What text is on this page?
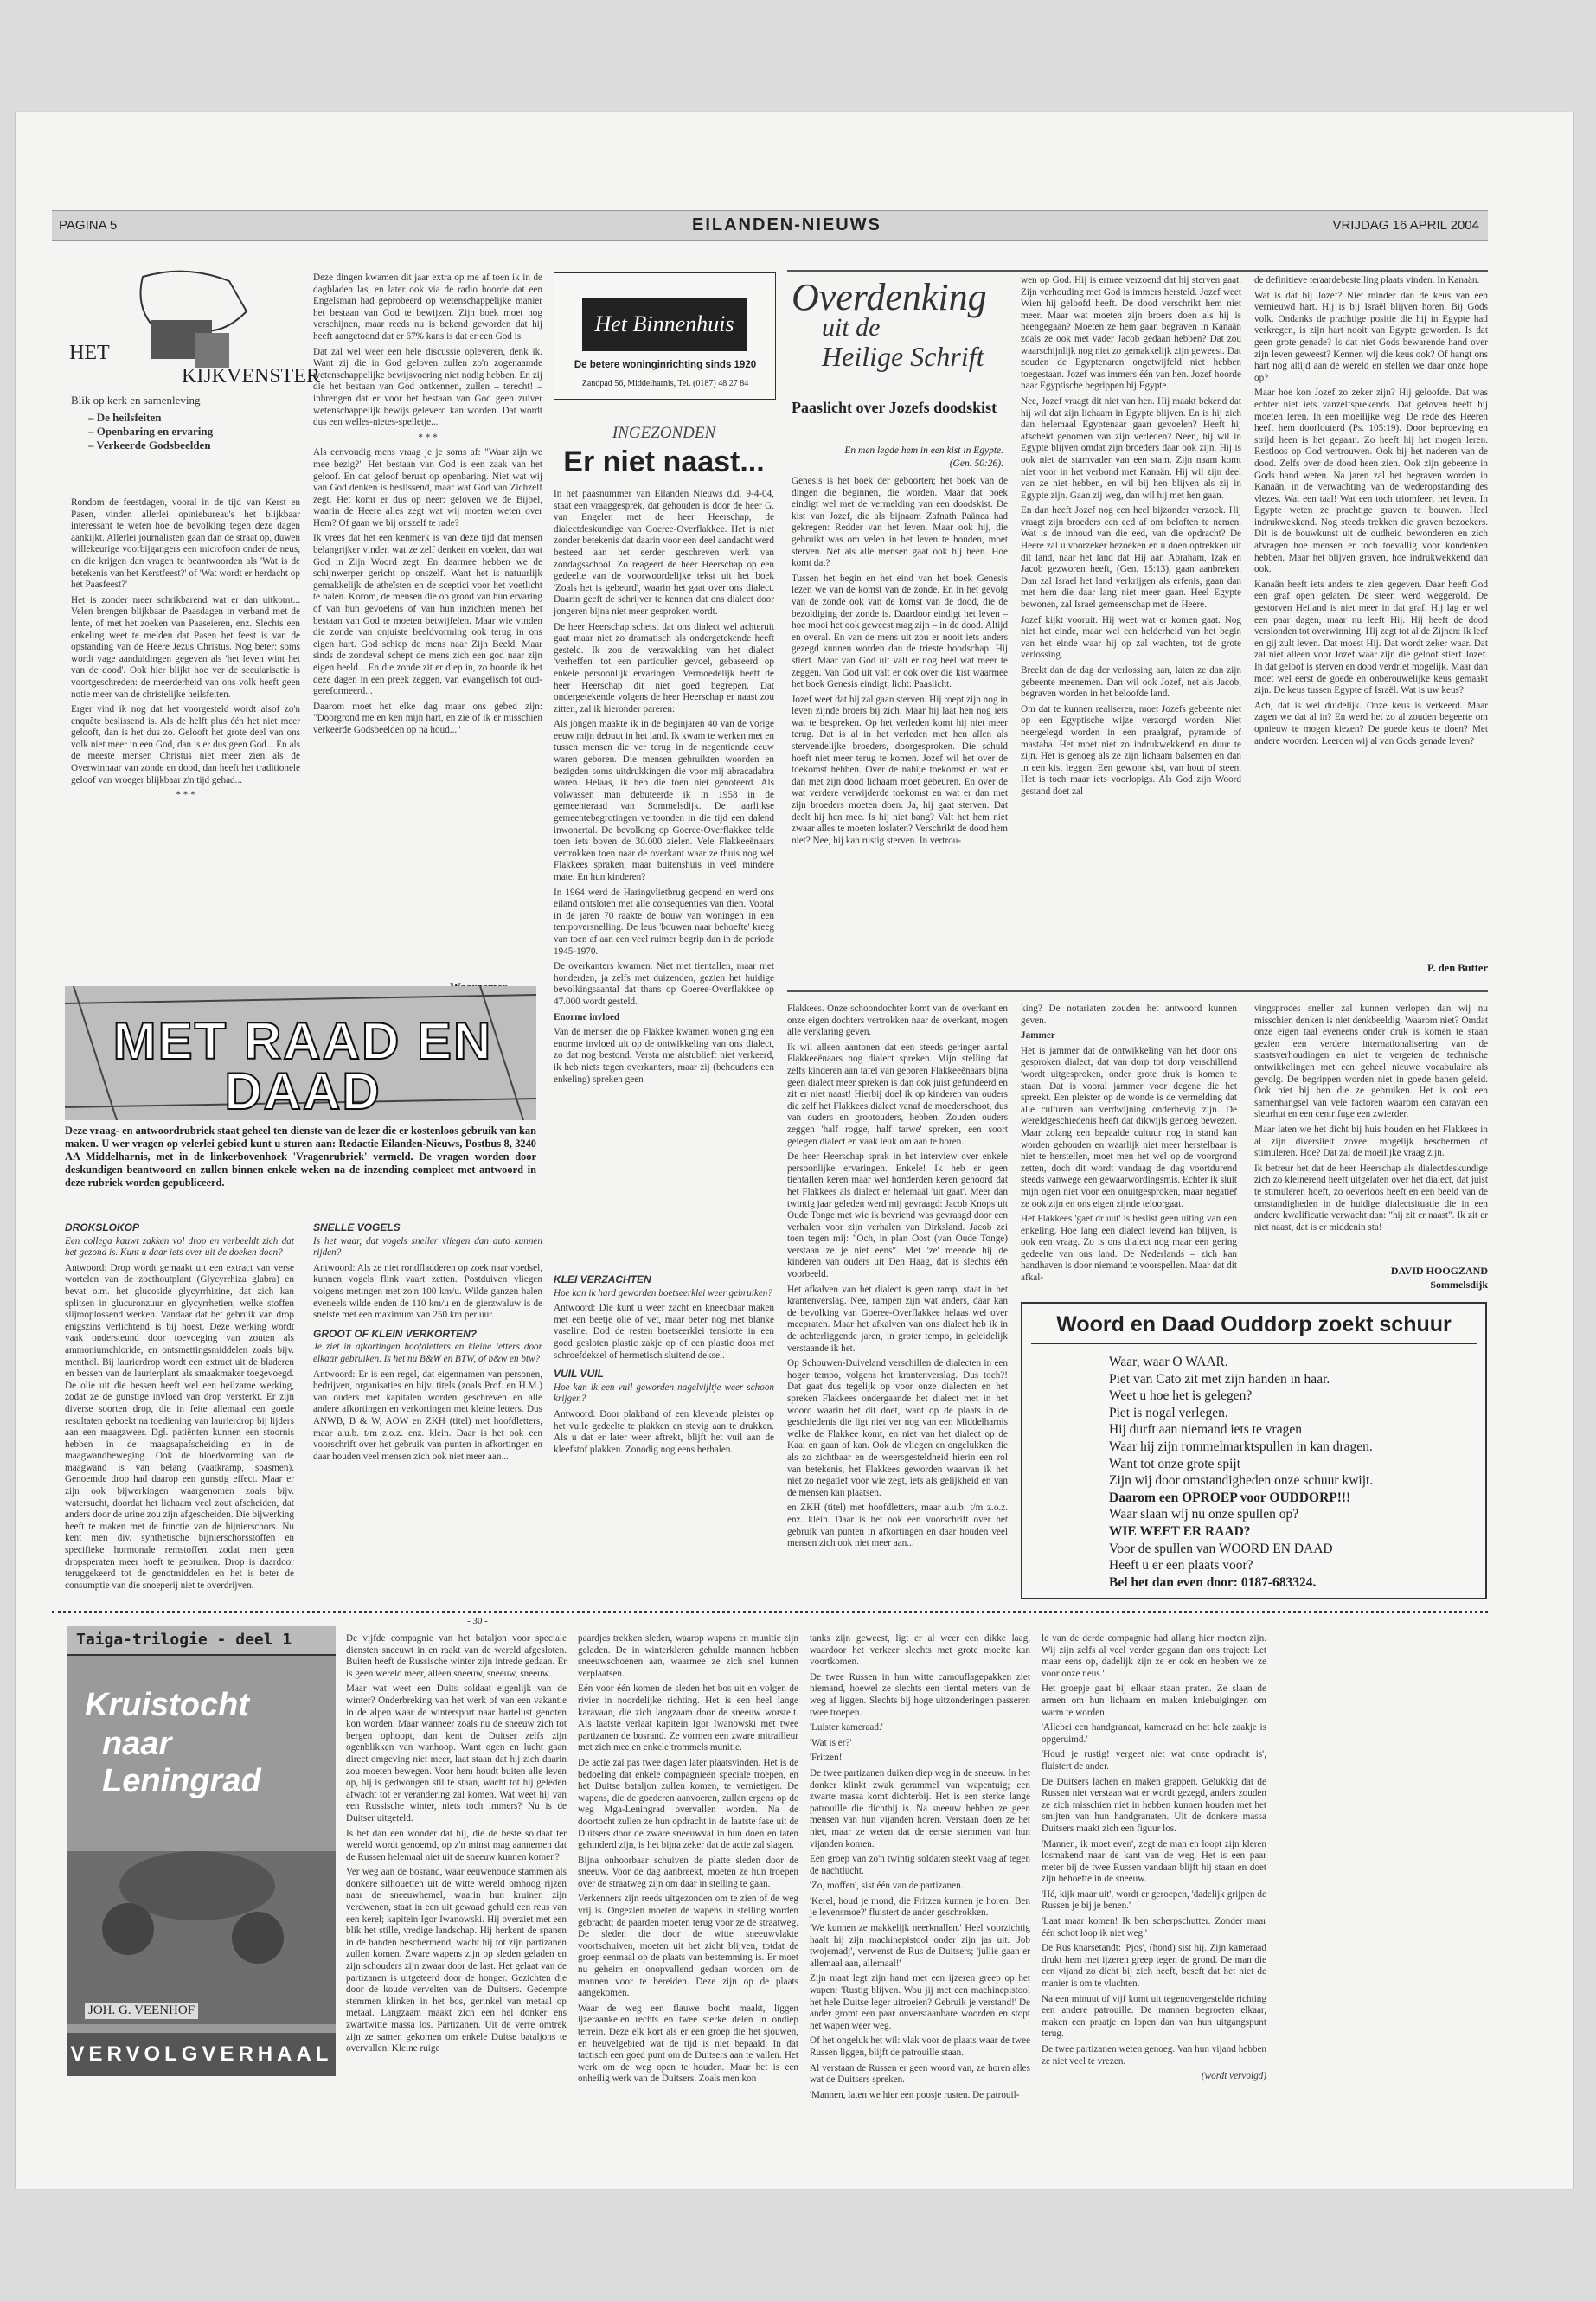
PAGINA 5	EILANDEN-NIEUWS	VRIJDAG 16 APRIL 2004
HET
KIJKVENSTER
Blik op kerk en samenleving
– De heilsfeiten
– Openbaring en ervaring
– Verkeerde Godsbeelden

Rondom de feestdagen, vooral in de tijd van Kerst en Pasen, vinden allerlei opiniebureau's het blijkbaar interessant te weten hoe de bevolking tegen deze dagen aankijkt. Allerlei journalisten gaan dan de straat op, duwen willekeurige voorbijgangers een microfoon onder de neus, en die krijgen dan vragen te beantwoorden als 'Wat is de betekenis van het Kerstfeest?' of 'Wat wordt er herdacht op het Paasfeest?'

Het is zonder meer schrikbarend wat er dan uitkomt... Velen brengen blijkbaar de Paasdagen in verband met de lente, of met het zoeken van Paaseieren, enz. Slechts een enkeling weet te melden dat Pasen het feest is van de opstanding van de Heere Jezus Christus. Nog beter: soms wordt vage aanduidingen gegeven als 'het leven wint het van de dood'. Ook hier blijkt hoe ver de secularisatie is voortgeschreden: de meerderheid van ons volk heeft geen notie meer van de christelijke heilsfeiten.

Erger vind ik nog dat het voorgesteld wordt alsof zo'n enquête beslissend is. Als de helft plus één het niet meer gelooft, dan is het dus zo. Gelooft het grote deel van ons volk niet meer in een God, dan is er dus geen God... En als de meeste mensen Christus niet meer zien als de Overwinnaar van zonde en dood, dan heeft het traditionele geloof van vroeger blijkbaar z'n tijd gehad...

* * *

Deze dingen kwamen dit jaar extra op me af toen ik in de dagbladen las, en later ook via de radio hoorde dat een Engelsman had geprobeerd op wetenschappelijke manier het bestaan van God te bewijzen. Zijn boek moet nog verschijnen, maar reeds nu is bekend geworden dat hij heeft aangetoond dat er 67% kans is dat er een God is.

Dat zal wel weer een hele discussie opleveren, denk ik. Want zij die in God geloven zullen zo'n zogenaamde wetenschappelijke bewijsvoering niet nodig hebben. En zij die het bestaan van God ontkennen, zullen – terecht! – inbrengen dat er voor het bestaan van God geen zuiver wetenschappelijk bewijs geleverd kan worden. Dat wordt dus een welles-nietes-spelletje...

* * *

Als eenvoudig mens vraag je je soms af: "Waar zijn we mee bezig?" Het bestaan van God is een zaak van het geloof. En dat geloof berust op openbaring. Niet wat wij van God denken is beslissend, maar wat God van Zichzelf zegt. Het komt er dus op neer: geloven we de Bijbel, waarin de Heere alles zegt wat wij moeten weten over Hem? Of gaan we bij onszelf te rade?

Ik vrees dat het een kenmerk is van deze tijd dat mensen belangrijker vinden wat ze zelf denken en voelen, dan wat God in Zijn Woord zegt. En daarmee hebben we de schijnwerper gericht op onszelf. Want het is natuurlijk gemakkelijk de atheïsten en de sceptici voor het voetlicht te halen. Korom, de mensen die op grond van hun ervaring of van hun gevoelens of van hun inzichten menen het bestaan van God te moeten betwijfelen. Maar wie vinden die zonde van onjuiste beeldvorming ook terug in ons eigen hart. God schiep de mens naar Zijn Beeld. Maar sinds de zondeval schept de mens zich een god naar zijn eigen beeld... En die zonde zit er diep in, zo hoorde ik het deze dagen in een preek zeggen, van evangelisch tot oud-gereformeerd...

Daarom moet het elke dag maar ons gebed zijn: "Doorgrond me en ken mijn hart, en zie of ik er misschien verkeerde Godsbeelden op na houd..."

Het Binnenhuis
De betere woninginrichting sinds 1920
Zandpad 56, Middelharnis, Tel. (0187) 48 27 84
INGEZONDEN
Er niet naast...

In het paasnummer van Eilanden Nieuws d.d. 9-4-04, staat een vraaggesprek, dat gehouden is door de heer G. van Engelen met de heer Heerschap, de dialectdeskundige van Goeree-Overflakkee. Het is niet zonder betekenis dat daarin voor een deel aandacht werd besteed aan het eerder geschreven werk van zondagsschool. Zo reageert de heer Heerschap op een gedeelte van de voorwoordelijke tekst uit het boek 'Zoals het is gebeurd', waarin het gaat over ons dialect. Daarin geeft de schrijver te kennen dat ons dialect door jongeren bijna niet meer gesproken wordt.

De heer Heerschap schetst dat ons dialect wel achteruit gaat maar niet zo dramatisch als ondergetekende heeft gesteld. Ik zou de verzwakking van het dialect 'verheffen' tot een particulier gevoel, gebaseerd op enkele persoonlijk ervaringen. Vermoedelijk heeft de heer Heerschap dit niet goed begrepen. Dat ondergetekende volgens de heer Heerschap er naast zou zitten, zal ik hieronder pareren:

Als jongen maakte ik in de beginjaren 40 van de vorige eeuw mijn debuut in het land. Ik kwam te werken met en tussen mensen die ver terug in de negentiende eeuw waren geboren. Die mensen gebruikten woorden en bezigden soms uitdrukkingen die voor mij abracadabra waren. Helaas, ik heb die toen niet genoteerd. Als volwassen man debuteerde ik in 1958 in de gemeenteraad van Sommelsdijk. De jaarlijkse gemeentebegrotingen vertoonden in die tijd een dalend inwonertal. De bevolking op Goeree-Overflakkee telde toen iets boven de 30.000 zielen. Vele Flakkeeënaars vertrokken toen naar de overkant waar ze thuis nog wel Flakkees spraken, maar buitenshuis in veel mindere mate. En hun kinderen?

In 1964 werd de Haringvlietbrug geopend en werd ons eiland ontsloten met alle consequenties van dien. Vooral in de jaren 70 raakte de bouw van woningen in een tempoversnelling. De leus 'bouwen naar behoefte' kreeg van toen af aan een veel ruimer begrip dan in de periode 1945-1970.

De overkanters kwamen. Niet met tientallen, maar met honderden, ja zelfs met duizenden, gezien het huidige bevolkingsaantal dat thans op Goeree-Overflakkee op 47.000 wordt gesteld.

Enorme invloed

Van de mensen die op Flakkee kwamen wonen ging een enorme invloed uit op de ontwikkeling van ons dialect, zo dat nog bestond. Versta me alstublieft niet verkeerd, ik heb niets tegen overkanters, maar zij (behoudens een enkeling) spreken geen

Flakkees. Onze schoondochter komt van de overkant en onze eigen dochters vertrokken naar de overkant, mogen alle verklaring geven.

Ik wil alleen aantonen dat een steeds geringer aantal Flakkeeënaars nog dialect spreken. Mijn stelling dat zelfs kinderen aan tafel van geboren Flakkeeënaars bijna geen dialect meer spreken is dan ook juist gefundeerd en zit er niet naast! Hierbij doel ik op kinderen van ouders die zelf het Flakkees dialect vanaf de moederschoot, dus van ouders en grootouders, hebben. Zouden ouders zeggen 'half rogge, half tarwe' spreken, een soort gelegen dialect en vaak leuk om aan te horen.

De heer Heerschap sprak in het interview over enkele persoonlijke ervaringen. Enkele! Ik heb er geen tientallen keren maar wel honderden keren gehoord dat het Flakkees als dialect er helemaal 'uit gaat'. Meer dan twintig jaar geleden werd mij gevraagd: Jacob Knops uit Oude Tonge met wie ik bevriend was gevraagd door een verhalen voor zijn verhalen van Dirksland. Jacob zei toen tegen mij: "Och, in plan Oost (van Oude Tonge) verstaan ze je niet eens". Met 'ze' meende hij de kinderen van ouders uit Den Haag, dat is slechts één voorbeeld.

Het afkalven van het dialect is geen ramp, staat in het krantenverslag. Nee, rampen zijn wat anders, daar kan de bevolking van Goeree-Overflakkee helaas wel over meepraten. Maar het afkalven van ons dialect heb ik in de achterliggende jaren, in groter tempo, in geleidelijk verstaande ik het.

Op Schouwen-Duiveland verschillen de dialecten in een hoger tempo, volgens het krantenverslag. Dus toch?! Dat gaat dus tegelijk op voor onze dialecten en het spreken Flakkees ondergaande het dialect met in het woord waarin het dit doet, want op de plaats in de geschiedenis die ligt niet ver nog van een Middelharnis welke de Flakkee komt, en niet van het dialect op de Kaai en gaan of kan. Ook de vliegen en ongelukken die als zo zichtbaar en de weersgesteldheid hierin een rol van betekenis, het Flakkees geworden waarvan ik het niet zo negatief voor wie zegt, iets als gelijkheid en van de mensen kan plaatsen.

en ZKH (titel) met hoofdletters, maar a.u.b. t/m z.o.z. enz. klein. Daar is het ook een voorschrift over het gebruik van punten in afkortingen en daar houden veel mensen zich ook niet meer aan...

king? De notariaten zouden het antwoord kunnen geven.

Jammer

Het is jammer dat de ontwikkeling van het door ons gesproken dialect, dat van dorp tot dorp verschillend 'wordt uitgesproken, onder grote druk is komen te staan. Dat is vooral jammer voor degene die het spreekt. Een pleister op de wonde is de vermelding dat alle culturen aan verdwijning onderhevig zijn. De wereldgeschiedenis heeft dat dikwijls genoeg bewezen. Maar zolang een bepaalde cultuur nog in stand kan worden gehouden en waarlijk niet meer herstelbaar is niet te herstellen, moet men het wel op de voorgrond zetten, doch dit wordt vandaag de dag voortdurend steeds vanwege een gewaarwordingsmis. Echter ik sluit mijn ogen niet voor een onuitgesproken, maar negatief ze ook zijn en ons eigen zijnde teloorgaat.

Het Flakkees 'gaet dr uut' is beslist geen uiting van een enkeling. Hoe lang een dialect levend kan blijven, is ook een vraag. Zo is ons dialect nog maar een gering gedeelte van ons land. De Nederlands – zich kan handhaven is door niemand te voorspellen. Maar dat dit afkal-

vingsproces sneller zal kunnen verlopen dan wij nu misschien denken is niet denkbeeldig. Waarom niet? Omdat onze eigen taal eveneens onder druk is komen te staan gezien een verdere internationalisering van de staatsverhoudingen en niet te vergeten de technische ontwikkelingen met een geheel nieuwe vocabulaire als gevolg. De begrippen worden niet in goede banen geleid. Ook niet bij hen die ze gebruiken. Het is ook een samenhangsel van vele factoren waarom een caravan een sleurhut en een centrifuge een zwierder.

Maar laten we het dicht bij huis houden en het Flakkees in al zijn diversiteit zoveel mogelijk beschermen of stimuleren. Hoe? Dat zal de moeilijke vraag zijn.

Ik betreur het dat de heer Heerschap als dialectdeskundige zich zo kleinerend heeft uitgelaten over het dialect, dat juist te stimuleren hoeft, zo oeverloos heeft en een beeld van de omstandigheden in de huidige dialectsituatie die in een andere kwalificatie verwacht dan: "hij zit er naast". Ik zit er niet naast, dat is er middenin sta!

DAVID HOOGZAND
Sommelsdijk
Overdenking
uit de
Heilige Schrift
Paaslicht over Jozefs doodskist
En men legde hem in een kist in Egypte.
(Gen. 50:26).

Genesis is het boek der geboorten; het boek van de dingen die beginnen, die worden. Maar dat boek eindigt wel met de vermelding van een doodskist. De kist van Jozef, die als bijnaam Zafnath Paänea had gekregen: Redder van het leven. Maar ook hij, die gebruikt was om velen in het leven te houden, moet sterven. Net als alle mensen gaat ook hij heen. Hoe komt dat?

Tussen het begin en het eind van het boek Genesis lezen we van de komst van de zonde. En in het gevolg van de zonde ook van de komst van de dood, die de bezoldiging der zonde is. Daardoor eindigt het leven – hoe mooi het ook geweest mag zijn – in de dood. Altijd en overal. En van de mens uit zou er nooit iets anders gezegd kunnen worden dan de trieste boodschap: Hij stierf. Maar van God uit valt er nog heel wat meer te zeggen. Van God uit valt er ook over die kist waarmee het boek Genesis eindigt, licht: Paaslicht.

Jozef weet dat hij zal gaan sterven. Hij roept zijn nog in leven zijnde broers bij zich. Maar hij laat hen nog iets wat te bespreken. Op het verleden komt hij niet meer terug. Dat is al in het verleden met hen allen als stervendelijke broeders, doorgesproken. Die schuld hoeft niet meer terug te komen. Jozef wil het over de toekomst hebben. Over de nabije toekomst en wat er dan met zijn dood lichaam moet gebeuren. En over de wat verdere verwijderde toekomst en wat er dan met zijn broeders moeten doen. Ja, hij gaat sterven. Dat deelt hij hen mee. Is hij niet bang? Valt het hem niet zwaar alles te moeten loslaten? Verschrikt de dood hem niet? Nee, hij kan rustig sterven. In vertrou-

wen op God. Hij is ermee verzoend dat hij sterven gaat. Zijn verhouding met God is immers hersteld. Jozef weet Wien hij geloofd heeft. De dood verschrikt hem niet meer. Maar wat moeten zijn broers doen als hij is heengegaan? Moeten ze hem gaan begraven in Kanaän zoals ze ook met vader Jacob gedaan hebben? Dat zou waarschijnlijk nog niet zo gemakkelijk zijn geweest. Dat zouden de Egyptenaren ongetwijfeld niet hebben toegestaan. Jozef was immers één van hen. Jozef hoorde naar Egyptische begrippen bij Egypte.

Nee, Jozef vraagt dit niet van hen. Hij maakt bekend dat hij wil dat zijn lichaam in Egypte blijven. En is hij zich dan helemaal Egyptenaar gaan gevoelen? Heeft hij afscheid genomen van zijn verleden? Neen, hij wil in Egypte blijven omdat zijn broeders daar ook zijn. Hij is ook niet de stamvader van een stam. Zijn naam komt niet voor in het verbond met Kanaän. Hij wil zijn deel van ze niet hebben, en wil bij hen blijven als zij in Egypte zijn. Gaan zij weg, dan wil hij met hen gaan.

En dan heeft Jozef nog een heel bijzonder verzoek. Hij vraagt zijn broeders een eed af om beloften te nemen. Wat is de inhoud van die eed, van die opdracht? De Heere zal u voorzeker bezoeken en u doen optrekken uit dit land, naar het land dat Hij aan Abraham, Izak en Jacob gezworen heeft, (Gen. 15:13), gaan aanbreken. Dan zal Israel het land verkrijgen als erfenis, gaan dan met hem die daar lang niet meer gaan. Heel Egypte bewonen, zal Israel gemeenschap met de Heere.

Jozef kijkt vooruit. Hij weet wat er komen gaat. Nog niet het einde, maar wel een helderheid van het begin van het einde waar hij op zal wachten, tot de grote verlossing.

Breekt dan de dag der verlossing aan, laten ze dan zijn gebeente meenemen. Dan wil ook Jozef, net als Jacob, begraven worden in het beloofde land.

Om dat te kunnen realiseren, moet Jozefs gebeente niet op een Egyptische wijze verzorgd worden. Niet neergelegd worden in een praalgraf, pyramide of mastaba. Het moet niet zo indrukwekkend en duur te zijn. Het is genoeg als ze zijn lichaam balsemen en dan in een kist leggen. Een gewone kist, van hout of steen. Het is toch maar iets voorlopigs. Als God zijn Woord gestand doet zal

de definitieve teraardebestelling plaats vinden. In Kanaän.

Wat is dat bij Jozef? Niet minder dan de keus van een vernieuwd hart. Hij is bij Israël blijven horen. Bij Gods volk. Ondanks de prachtige positie die hij in Egypte had verkregen, is zijn hart nooit van Egypte geworden. Is dat geen grote genade? Is dat niet Gods bewarende hand over zijn leven geweest? Kennen wij die keus ook? Of hangt ons hart nog altijd aan de wereld en stellen we daar onze hope op?

Maar hoe kon Jozef zo zeker zijn? Hij geloofde. Dat was echter niet iets vanzelfsprekends. Dat geloven heeft hij moeten leren. In een moeilijke weg. De rede des Heeren heeft hem doorlouterd (Ps. 105:19). Door beproeving en strijd heen is het gegaan. Zo heeft hij het mogen leren. Restloos op God vertrouwen. Ook bij het naderen van de dood. Zelfs over de dood heen zien. Ook zijn gebeente in Gods hand weten. Na jaren zal het begraven worden in Kanaän, in de verwachting van de wederopstanding des vlezes. Wat een taal! Wat een toch triomfeert het leven. In Egypte weten ze prachtige graven te bouwen. Heel indrukwekkend. Nog steeds trekken die graven bezoekers. Dit is de bouwkunst uit de oudheid bewonderen en zich afvragen hoe mensen er toch toevallig voor kondenken hebben. Maar het blijven graven, hoe indrukwekkend dan ook.

Kanaän heeft iets anders te zien gegeven. Daar heeft God een graf open gelaten. De steen werd weggerold. De gestorven Heiland is niet meer in dat graf. Hij lag er wel een paar dagen, maar nu leeft Hij. Hij heeft de dood verslonden tot overwinning. Hij zegt tot al de Zijnen: Ik leef en gij zult leven. Dat moest Hij. Dat wordt zeker waar. Dat zal niet alleen voor Jozef waar zijn die geloof stierf Jozef. In dat geloof is sterven en dood verdriet mogelijk. Maar dan moet wel eerst de goede en onberouwelijke keus gemaakt zijn. De keus tussen Egypte of Israël. Wat is uw keus?

Ach, dat is wel duidelijk. Onze keus is verkeerd. Maar zagen we dat al in? En werd het zo al zouden begeerte om opnieuw te mogen kiezen? De goede keus te doen? Met andere woorden: Leerden wij al van Gods genade leven?

P. den Butter
MET RAAD EN DAAD
Deze vraag- en antwoordrubriek staat geheel ten dienste van de lezer die er kostenloos gebruik van kan maken. U wer vragen op velerlei gebied kunt u sturen aan: Redactie Eilanden-Nieuws, Postbus 8, 3240 AA Middelharnis, met in de linkerbovenhoek 'Vragenrubriek' vermeld. De vragen worden door deskundigen beantwoord en zullen binnen enkele weken na de inzending compleet met antwoord in deze rubriek worden gepubliceerd.
DROKSLOKOP

Een collega kauwt zakken vol drop en verbeeldt zich dat het gezond is. Kunt u daar iets over uit de doeken doen?

Antwoord: Drop wordt gemaakt uit een extract van verse wortelen van de zoethoutplant (Glycyrrhiza glabra) en bevat o.m. het glucoside glycyrrhizine, dat zich kan splitsen in glucuronzuur en glycyrrhetien, welke stoffen slijmoplossend werken. Vandaar dat het gebruik van drop enigszins verlichtend is bij hoest. Deze werking wordt vaak ondersteund door toevoeging van zouten als ammoniumchloride, en ontsmettingsmiddelen zoals bijv. menthol. Bij laurierdrop wordt een extract uit de bladeren en bessen van de laurierplant als smaakmaker toegevoegd. De olie uit die bessen heeft wel een heilzame werking, zodat ze de gunstige invloed van drop versterkt. Er zijn diverse soorten drop, die in feite allemaal een goede resultaten geboekt na toediening van laurierdrop bij lijders aan een maagzweer. Dgl. patiënten kunnen een stoornis hebben in de maagsapafscheiding en in de maagwandbeweging. Ook de bloedvorming van de maagwand is van belang (vaatkramp, spasmen). Genoemde drop had daarop een gunstig effect. Maar er zijn ook bijwerkingen waargenomen zoals bijv. watersucht, doordat het lichaam veel zout afscheiden, dat anders door de urine zou zijn afgescheiden. Die bijwerking heeft te maken met de functie van de bijnierschors. Nu kent men div. synthetische bijnierschorsstoffen en specifieke hormonale remstoffen, zodat men geen dropsperaten meer hoeft te gebruiken. Drop is daardoor teruggekeerd tot de genotmiddelen en het is beter de consumptie van die snoeperij niet te overdrijven.

SNELLE VOGELS

Is het waar, dat vogels sneller vliegen dan auto kunnen rijden?

Antwoord: Als ze niet rondfladderen op zoek naar voedsel, kunnen vogels flink vaart zetten. Postduiven vliegen volgens metingen met zo'n 100 km/u. Wilde ganzen halen eveneels wilde enden de 110 km/u en de gierzwaluw is de snelste met een maximum van 250 km per uur.

GROOT OF KLEIN VERKORTEN?

Je ziet in afkortingen hoofdletters en kleine letters door elkaar gebruiken. Is het nu B&W en BTW, of b&w en btw?

Antwoord: Er is een regel, dat eigennamen van personen, bedrijven, organisaties en bijv. titels (zoals Prof. en H.M.) van ouders met kapitalen worden geschreven en alle andere afkortingen en verkortingen met kleine letters. Dus ANWB, B & W, AOW en ZKH (titel) met hoofdletters, maar a.u.b. t/m z.o.z. enz. klein. Daar is het ook een voorschrift over het gebruik van punten in afkortingen en daar houden veel mensen zich ook niet meer aan...

KLEI VERZACHTEN

Hoe kan ik hard geworden boetseerklei weer gebruiken?

Antwoord: Die kunt u weer zacht en kneedbaar maken met een beetje olie of vet, maar beter nog met blanke vaseline. Dod de resten boetseerklei tenslotte in een goed gesloten plastic zakje op of een plastic doos met schroefdeksel of hermetisch sluitend deksel.

VUIL VUIL

Hoe kan ik een vuil geworden nagelvijltje weer schoon krijgen?

Antwoord: Door plakband of een klevende pleister op het vuile gedeelte te plakken en stevig aan te drukken. Als u dat er later weer aftrekt, blijft het vuil aan de kleefstof plakken. Zonodig nog eens herhalen.

Woord en Daad Ouddorp zoekt schuur
Waar, waar O WAAR.
Piet van Cato zit met zijn handen in haar.
Weet u hoe het is gelegen?
Piet is nogal verlegen.
Hij durft aan niemand iets te vragen
Waar hij zijn rommelmarktspullen in kan dragen.
Want tot onze grote spijt
Zijn wij door omstandigheden onze schuur kwijt.
Daarom een OPROEP voor OUDDORP!!!
Waar slaan wij nu onze spullen op?
WIE WEET ER RAAD?
Voor de spullen van WOORD EN DAAD
Heeft u er een plaats voor?
Bel het dan even door: 0187-683324.
Taiga-trilogie - deel 1
Kruistocht
naar Leningrad
JOH. G. VEENHOF
VERVOLGVERHAAL
- 30 -

De vijfde compagnie van het bataljon voor speciale diensten sneeuwt in en raakt van de wereld afgesloten. Buiten heeft de Russische winter zijn intrede gedaan. Er is geen wereld meer, alleen sneeuw, sneeuw, sneeuw.

Maar wat weet een Duits soldaat eigenlijk van de winter? Onderbreking van het werk of van een vakantie in de alpen waar de wintersport naar hartelust genoten kon worden. Maar wanneer zoals nu de sneeuw zich tot bergen ophoopt, dan kent de Duitser zelfs zijn ogenblikken van wanhoop. Want ogen en lucht gaan direct omgeving niet meer, laat staan dat hij zich daarin zou moeten bewegen. Voor hem houdt buiten alle leven op, bij is gedwongen stil te staan, wacht tot hij geleden afwacht tot er verandering zal komen. Wat weet hij van een Russische winter, niets toch immers? Nu is de Duitser uitgeteld.

Is het dan een wonder dat hij, die de beste soldaat ter wereld wordt genoemd, op z'n minst mag aannemen dat de Russen helemaal niet uit de sneeuw kunnen komen?

Ver weg aan de bosrand, waar eeuwenoude stammen als donkere silhouetten uit de witte wereld omhoog rijzen naar de sneeuwhemel, waarin hun kruinen zijn verdwenen, staat in een uit gewaad gehuld een reus van een kerel; kapitein Igor Iwanowski. Hij overziet met een blik het stille, vredige landschap. Hij herkent de spanen in de handen beschermend, wacht hij tot zijn partizanen zullen komen. Zware wapens zijn op sleden geladen en zijn schouders zijn zwaar door de last. Het gelaat van de partizanen is uitgeteerd door de honger. Gezichten die door de koude vervelten van de Duitsers. Gedempte stemmen klinken in het bos, gerinkel van metaal op metaal. Langzaam maakt zich een hel donker ens zwartwitte massa los. Partizanen. Uit de verre omtrek zijn ze samen gekomen om enkele Duitse bataljons te overvallen. Kleine ruige

paardjes trekken sleden, waarop wapens en munitie zijn geladen. De in winterkleren gehulde mannen hebben sneeuwschoenen aan, waarmee ze zich snel kunnen verplaatsen.

Eén voor één komen de sleden het bos uit en volgen de rivier in noordelijke richting. Het is een heel lange karavaan, die zich langzaam door de sneeuw worstelt. Als laatste verlaat kapitein Igor Iwanowski met twee partizanen de bosrand. Ze vormen een zware mitrailleur met zich mee en enkele trommels munitie.

De actie zal pas twee dagen later plaatsvinden. Het is de bedoeling dat enkele compagnieën speciale troepen, en het Duitse bataljon zullen komen, te vernietigen. De wapens, die de goederen aanvoeren, zullen ergens op de weg Mga-Leningrad overvallen worden. Na de doortocht zullen ze hun opdracht in de laatste fase uit de Duitsers door de zware sneeuwval in hun doen en laten gehinderd zijn, is het bijna zeker dat de actie zal slagen.

Bijna onhoorbaar schuiven de platte sleden door de sneeuw. Voor de dag aanbreekt, moeten ze hun troepen over de straatweg zijn om daar in stelling te gaan.

Verkenners zijn reeds uitgezonden om te zien of de weg vrij is. Ongezien moeten de wapens in stelling worden gebracht; de paarden moeten terug voor ze de straatweg. De sleden die door de witte sneeuwvlakte voortschuiven, moeten uit het zicht blijven, totdat de groep eenmaal op de plaats van bestemming is. Er moet nu geheim en onopvallend gedaan worden om de mannen voor te bereiden. Deze zijn op de plaats aangekomen.

Waar de weg een flauwe bocht maakt, liggen ijzeraankelen rechts en twee sterke delen in ondiep terrein. Deze elk kort als er een groep die het sjouwen, en heuvelgebied wat de tijd is niet bepaald. In dat tactisch een goed punt om de Duitsers aan te vallen. Het werk om de weg open te houden. Maar het is een onheilig werk van de Duitsers. Zoals men kon

tanks zijn geweest, ligt er al weer een dikke laag, waardoor het verkeer slechts met grote moeite kan voortkomen.

De twee Russen in hun witte camouflagepakken ziet niemand, hoewel ze slechts een tiental meters van de weg af liggen. Slechts bij hoge uitzonderingen passeren twee troepen.

'Luister kameraad.'

'Wat is er?'

'Fritzen!'

De twee partizanen duiken diep weg in de sneeuw. In het donker klinkt zwak gerammel van wapentuig; een zwarte massa komt dichterbij. Het is een sterke lange patrouille die dichtbij is. Na sneeuw hebben ze geen mensen van hun vijanden horen. Verstaan doen ze het niet, maar ze weten dat de eerste stemmen van hun vijanden komen.

Een groep van zo'n twintig soldaten steekt vaag af tegen de nachtlucht.

'Zo, moffen', sist één van de partizanen.

'Kerel, houd je mond, die Fritzen kunnen je horen! Ben je levensmoe?' fluistert de ander geschrokken.

'We kunnen ze makkelijk neerknallen.' Heel voorzichtig haalt hij zijn machinepistool onder zijn jas uit. 'Job twojemadj', verwenst de Rus de Duitsers; 'jullie gaan er allemaal aan, allemaal!'

Zijn maat legt zijn hand met een ijzeren greep op het wapen: 'Rustig blijven. Wou jij met een machinepistool het hele Duitse leger uitroeien? Gebruik je verstand!' De ander gromt een paar onverstaanbare woorden en stopt het wapen weer weg.

Of het ongeluk het wil: vlak voor de plaats waar de twee Russen liggen, blijft de patrouille staan.

Al verstaan de Russen er geen woord van, ze horen alles wat de Duitsers spreken.

'Mannen, laten we hier een poosje rusten. De patrouil-

le van de derde compagnie had allang hier moeten zijn. Wij zijn zelfs al veel verder gegaan dan ons traject: Let maar eens op, dadelijk zijn ze er ook en hebben we ze voor onze neus.'

Het groepje gaat bij elkaar staan praten. Ze slaan de armen om hun lichaam en maken kniebuigingen om warm te worden.

'Allebei een handgranaat, kameraad en het hele zaakje is opgeruimd.'

'Houd je rustig! vergeet niet wat onze opdracht is', fluistert de ander.

De Duitsers lachen en maken grappen. Gelukkig dat de Russen niet verstaan wat er wordt gezegd, anders zouden ze zich misschien niet in hebben kunnen houden met het smijten van hun handgranaten. Uit de donkere massa Duitsers maakt zich een figuur los.

'Mannen, ik moet even', zegt de man en loopt zijn kleren losmakend naar de kant van de weg. Het is een paar meter bij de twee Russen vandaan blijft hij staan en doet zijn behoefte in de sneeuw.

'Hé, kijk maar uit', wordt er geroepen, 'dadelijk grijpen de Russen je bij je benen.'

'Laat maar komen! Ik ben scherpschutter. Zonder maar één schot loop ik niet weg.'

De Rus knarsetandt: 'Pjos', (hond) sist hij. Zijn kameraad drukt hem met ijzeren greep tegen de grond. De man die een vijand zo dicht bij zich heeft, beseft dat het niet de manier is om te vluchten.

Na een minuut of vijf komt uit tegenovergestelde richting een andere patrouille. De mannen begroeten elkaar, maken een praatje en lopen dan van hun uitgangspunt terug.

De twee partizanen weten genoeg. Van hun vijand hebben ze niet veel te vrezen.

(wordt vervolgd)
